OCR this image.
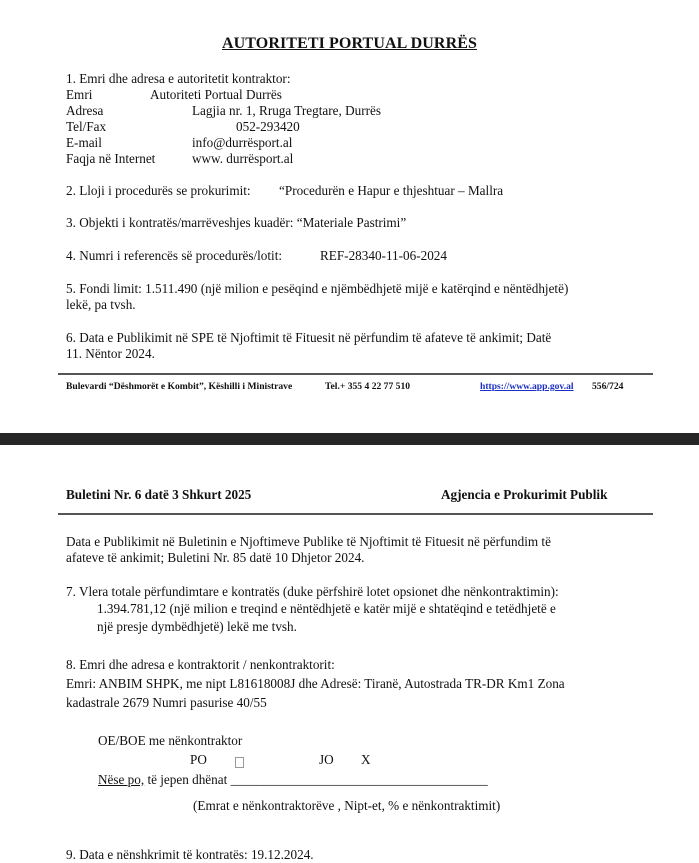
AUTORITETI PORTUAL DURRËS
1. Emri dhe adresa e autoritetit kontraktor:
Emri	Autoriteti Portual Durrës
Adresa	Lagjia nr. 1, Rruga Tregtare, Durrës
Tel/Fax	052-293420
E-mail	info@durrësport.al
Faqja në Internet	www. durrësport.al
2. Lloji i procedurës se prokurimit: “Procedurën e Hapur e thjeshtuar – Mallra
3. Objekti i kontratës/marrëveshjes kuadër: “Materiale Pastrimi”
4. Numri i referencës së procedurës/lotit:	REF-28340-11-06-2024
5. Fondi limit: 1.511.490 (një milion e pesëqind e njëmbëdhjetë mijë e katërqind e nëntëdhjetë)
lekë, pa tvsh.
6. Data e Publikimit në SPE të Njoftimit të Fituesit në përfundim të afateve të ankimit; Datë
11. Nëntor 2024.
Bulevardi “Dëshmorët e Kombit”, Këshilli i Ministrave	Tel.+ 355 4 22 77 510	https://www.app.gov.al 556/724
Buletini Nr. 6 datë 3 Shkurt 2025	Agjencia e Prokurimit Publik
Data e Publikimit në Buletinin e Njoftimeve Publike të Njoftimit të Fituesit në përfundim të
afateve të ankimit; Buletini Nr. 85 datë 10 Dhjetor 2024.
7. Vlera totale përfundimtare e kontratës (duke përfshirë lotet opsionet dhe nënkontraktimin):
1.394.781,12 (një milion e treqind e nëntëdhjetë e katër mijë e shtatëqind e tetëdhjetë e
një presje dymbëdhjetë) lekë me tvsh.
8. Emri dhe adresa e kontraktorit / nenkontraktorit:
Emri: ANBIM SHPK, me nipt L81618008J dhe Adresë: Tiranë, Autostrada TR-DR Km1 Zona
kadastrale 2679 Numri pasurise 40/55
OE/BOE me nënkontraktor
PO	JO X
Nëse po, të jepen dhënat _______________________________________
(Emrat e nënkontraktorëve , Nipt-et, % e nënkontraktimit)
9. Data e nënshkrimit të kontratës: 19.12.2024.
